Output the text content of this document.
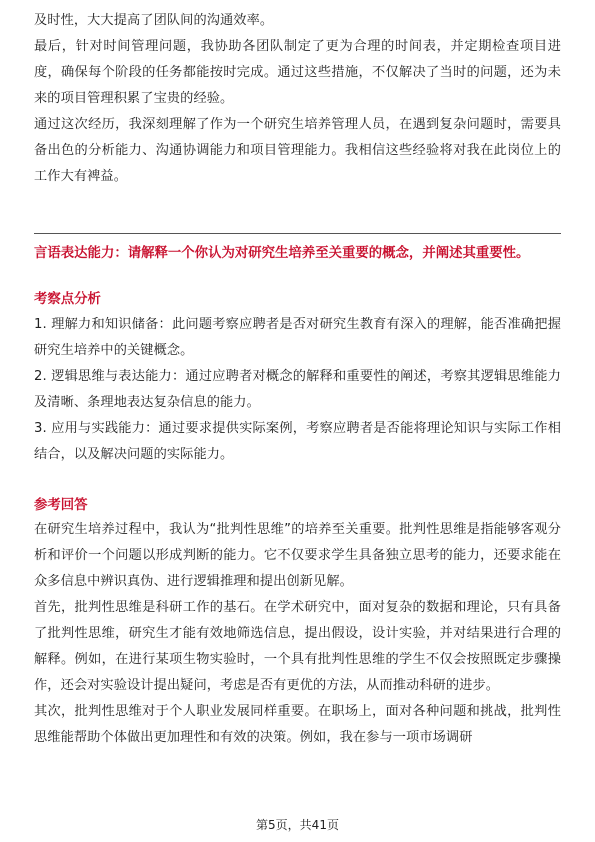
及时性，大大提高了团队间的沟通效率。

最后，针对时间管理问题，我协助各团队制定了更为合理的时间表，并定期检查项目进度，确保每个阶段的任务都能按时完成。通过这些措施，不仅解决了当时的问题，还为未来的项目管理积累了宝贵的经验。

通过这次经历，我深刻理解了作为一个研究生培养管理人员，在遇到复杂问题时，需要具备出色的分析能力、沟通协调能力和项目管理能力。我相信这些经验将对我在此岗位上的工作大有裨益。

言语表达能力：请解释一个你认为对研究生培养至关重要的概念，并阐述其重要性。
考察点分析

1. 理解力和知识储备：此问题考察应聘者是否对研究生教育有深入的理解，能否准确把握研究生培养中的关键概念。

2. 逻辑思维与表达能力：通过应聘者对概念的解释和重要性的阐述，考察其逻辑思维能力及清晰、条理地表达复杂信息的能力。

3. 应用与实践能力：通过要求提供实际案例，考察应聘者是否能将理论知识与实际工作相结合，以及解决问题的实际能力。

参考回答

在研究生培养过程中，我认为“批判性思维”的培养至关重要。批判性思维是指能够客观分析和评价一个问题以形成判断的能力。它不仅要求学生具备独立思考的能力，还要求能在众多信息中辨识真伪、进行逻辑推理和提出创新见解。

首先，批判性思维是科研工作的基石。在学术研究中，面对复杂的数据和理论，只有具备了批判性思维，研究生才能有效地筛选信息，提出假设，设计实验，并对结果进行合理的解释。例如，在进行某项生物实验时，一个具有批判性思维的学生不仅会按照既定步骤操作，还会对实验设计提出疑问，考虑是否有更优的方法，从而推动科研的进步。

其次，批判性思维对于个人职业发展同样重要。在职场上，面对各种问题和挑战，批判性思维能帮助个体做出更加理性和有效的决策。例如，我在参与一项市场调研

第5页，共41页
